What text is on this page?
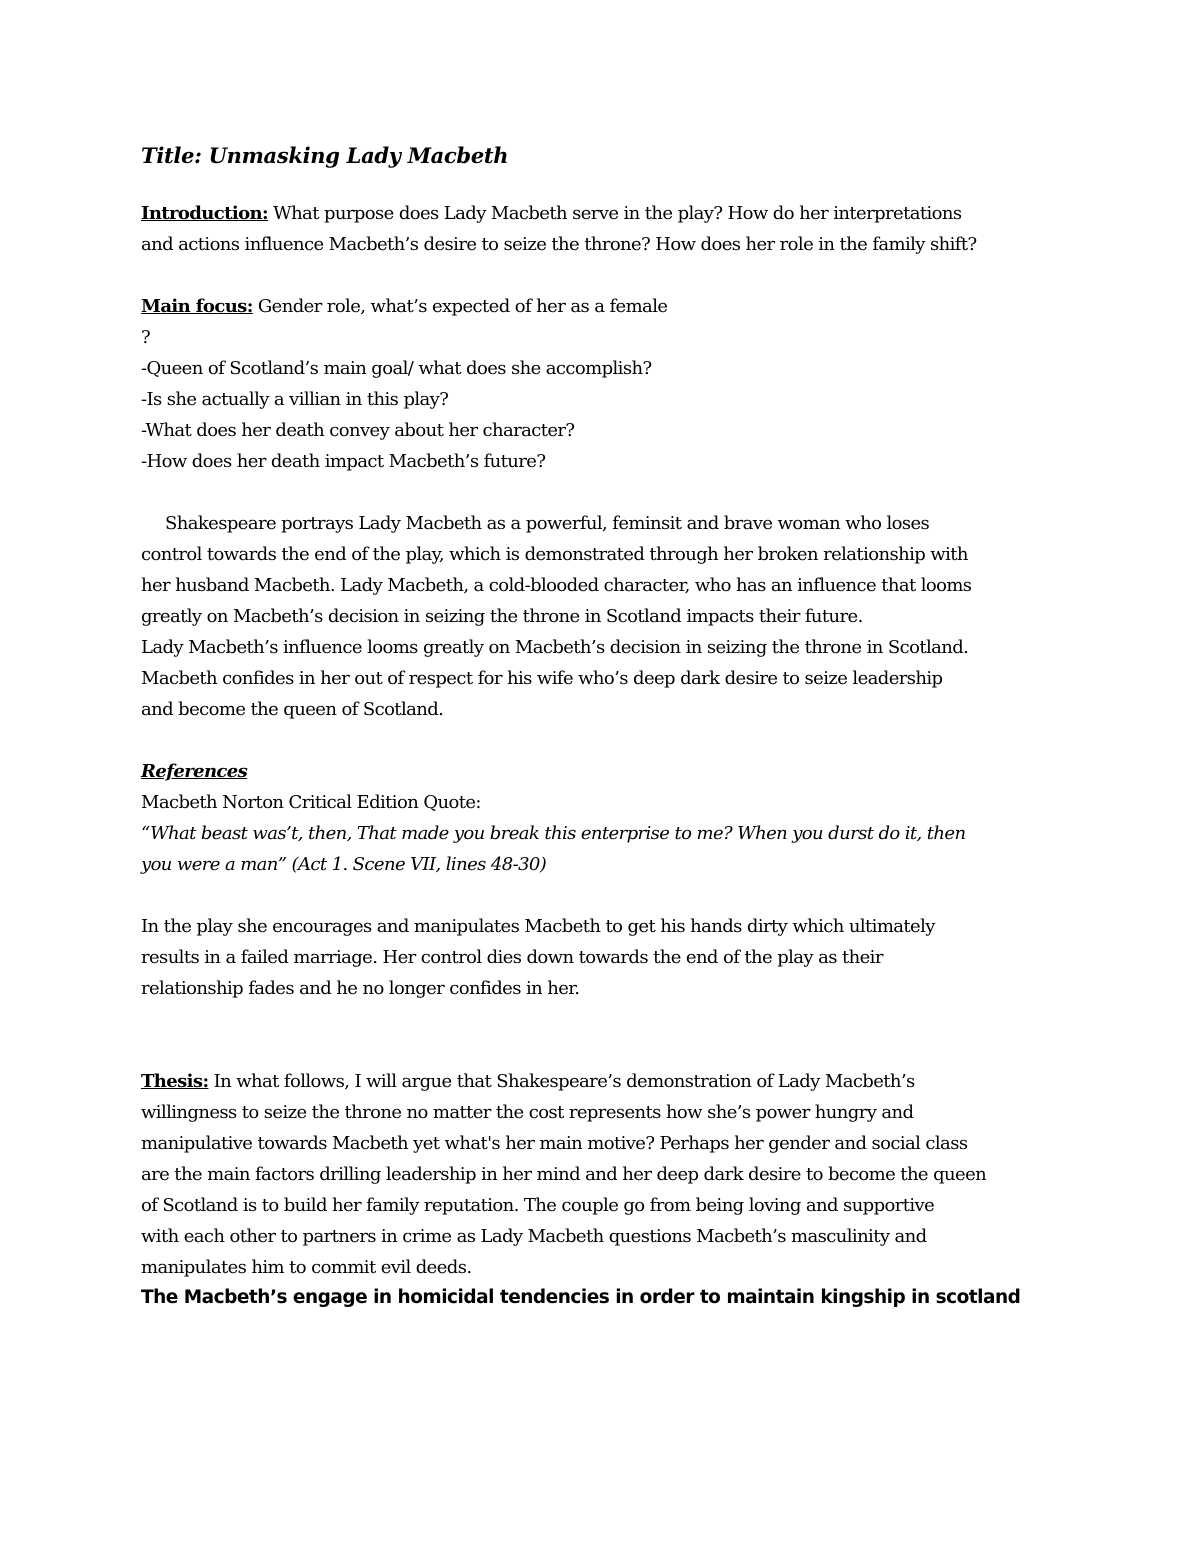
Title: Unmasking Lady Macbeth
Introduction: What purpose does Lady Macbeth serve in the play? How do her interpretations
and actions influence Macbeth’s desire to seize the throne? How does her role in the family shift?
Main focus: Gender role, what’s expected of her as a female
?
-Queen of Scotland’s main goal/ what does she accomplish?
-Is she actually a villian in this play?
-What does her death convey about her character?
-How does her death impact Macbeth’s future?
Shakespeare portrays Lady Macbeth as a powerful, feminsit and brave woman who loses
control towards the end of the play, which is demonstrated through her broken relationship with
her husband Macbeth. Lady Macbeth, a cold-blooded character, who has an influence that looms
greatly on Macbeth’s decision in seizing the throne in Scotland impacts their future.
Lady Macbeth’s influence looms greatly on Macbeth’s decision in seizing the throne in Scotland.
Macbeth confides in her out of respect for his wife who’s deep dark desire to seize leadership
and become the queen of Scotland.
References
Macbeth Norton Critical Edition Quote:
“What beast was’t, then, That made you break this enterprise to me? When you durst do it, then
you were a man” (Act 1. Scene VII, lines 48-30)
In the play she encourages and manipulates Macbeth to get his hands dirty which ultimately
results in a failed marriage. Her control dies down towards the end of the play as their
relationship fades and he no longer confides in her.
Thesis: In what follows, I will argue that Shakespeare’s demonstration of Lady Macbeth’s
willingness to seize the throne no matter the cost represents how she’s power hungry and
manipulative towards Macbeth yet what's her main motive? Perhaps her gender and social class
are the main factors drilling leadership in her mind and her deep dark desire to become the queen
of Scotland is to build her family reputation. The couple go from being loving and supportive
with each other to partners in crime as Lady Macbeth questions Macbeth’s masculinity and
manipulates him to commit evil deeds.

The Macbeth’s engage in homicidal tendencies in order to maintain kingship in scotland
